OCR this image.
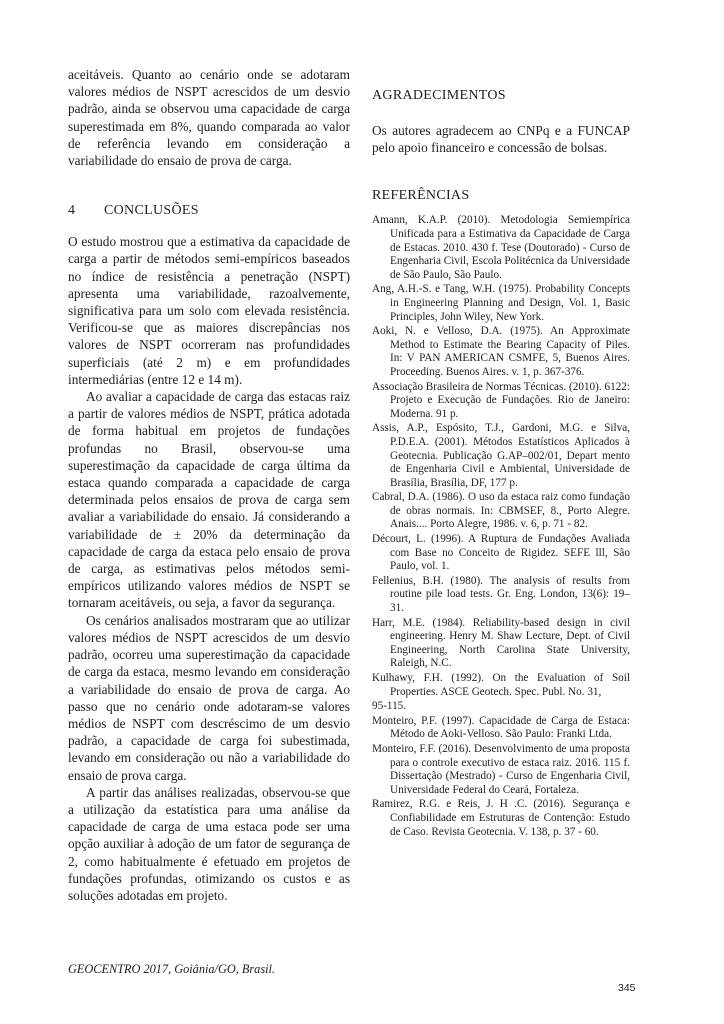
aceitáveis. Quanto ao cenário onde se adotaram valores médios de NSPT acrescidos de um desvio padrão, ainda se observou uma capacidade de carga superestimada em 8%, quando comparada ao valor de referência levando em consideração a variabilidade do ensaio de prova de carga.

4 CONCLUSÕES

O estudo mostrou que a estimativa da capacidade de carga a partir de métodos semi-empíricos baseados no índice de resistência a penetração (NSPT) apresenta uma variabilidade, razoalvemente, significativa para um solo com elevada resistência. Verificou-se que as maiores discrepâncias nos valores de NSPT ocorreram nas profundidades superficiais (até 2 m) e em profundidades intermediárias (entre 12 e 14 m).

Ao avaliar a capacidade de carga das estacas raiz a partir de valores médios de NSPT, prática adotada de forma habitual em projetos de fundações profundas no Brasil, observou-se uma superestimação da capacidade de carga última da estaca quando comparada a capacidade de carga determinada pelos ensaios de prova de carga sem avaliar a variabilidade do ensaio. Já considerando a variabilidade de ± 20% da determinação da capacidade de carga da estaca pelo ensaio de prova de carga, as estimativas pelos métodos semi-empíricos utilizando valores médios de NSPT se tornaram aceitáveis, ou seja, a favor da segurança.

Os cenários analisados mostraram que ao utilizar valores médios de NSPT acrescidos de um desvio padrão, ocorreu uma superestimação da capacidade de carga da estaca, mesmo levando em consideração a variabilidade do ensaio de prova de carga. Ao passo que no cenário onde adotaram-se valores médios de NSPT com descréscimo de um desvio padrão, a capacidade de carga foi subestimada, levando em consideração ou não a variabilidade do ensaio de prova carga.

A partir das análises realizadas, observou-se que a utilização da estatística para uma análise da capacidade de carga de uma estaca pode ser uma opção auxiliar à adoção de um fator de segurança de 2, como habitualmente é efetuado em projetos de fundações profundas, otimizando os custos e as soluções adotadas em projeto.

AGRADECIMENTOS

Os autores agradecem ao CNPq e a FUNCAP pelo apoio financeiro e concessão de bolsas.

REFERÊNCIAS
Amann, K.A.P. (2010). Metodologia Semiempírica Unificada para a Estimativa da Capacidade de Carga de Estacas. 2010. 430 f. Tese (Doutorado) - Curso de Engenharia Civil, Escola Politécnica da Universidade de São Paulo, São Paulo.
Ang, A.H.-S. e Tang, W.H. (1975). Probability Concepts in Engineering Planning and Design, Vol. 1, Basic Principles, John Wiley, New York.
Aoki, N. e Velloso, D.A. (1975). An Approximate Method to Estimate the Bearing Capacity of Piles. In: V PAN AMERICAN CSMFE, 5, Buenos Aires. Proceeding. Buenos Aires. v. 1, p. 367-376.
Associação Brasileira de Normas Técnicas. (2010). 6122: Projeto e Execução de Fundações. Rio de Janeiro: Moderna. 91 p.
Assis, A.P., Espósito, T.J., Gardoni, M.G. e Silva, P.D.E.A. (2001). Métodos Estatísticos Aplicados à Geotecnia. Publicação G.AP–002/01, Depart mento de Engenharia Civil e Ambiental, Universidade de Brasília, Brasília, DF, 177 p.
Cabral, D.A. (1986). O uso da estaca raiz como fundação de obras normais. In: CBMSEF, 8., Porto Alegre. Anais.... Porto Alegre, 1986. v. 6, p. 71 - 82.
Décourt, L. (1996). A Ruptura de Fundações Avaliada com Base no Conceito de Rigidez. SEFE lll, São Paulo, vol. 1.
Fellenius, B.H. (1980). The analysis of results from routine pile load tests. Gr. Eng. London, 13(6): 19–31.
Harr, M.E. (1984). Reliability-based design in civil engineering. Henry M. Shaw Lecture, Dept. of Civil Engineering, North Carolina State University, Raleigh, N.C.
Kulhawy, F.H. (1992). On the Evaluation of Soil Properties. ASCE Geotech. Spec. Publ. No. 31,
95-115.
Monteiro, P.F. (1997). Capacidade de Carga de Estaca: Método de Aoki-Velloso. São Paulo: Franki Ltda.
Monteiro, F.F. (2016). Desenvolvimento de uma proposta para o controle executivo de estaca raiz. 2016. 115 f. Dissertação (Mestrado) - Curso de Engenharia Civil, Universidade Federal do Ceará, Fortaleza.
Ramirez, R.G. e Reis, J. H .C. (2016). Segurança e Confiabilidade em Estruturas de Contenção: Estudo de Caso. Revista Geotecnia. V. 138, p. 37 - 60.
GEOCENTRO 2017, Goiânia/GO, Brasil.
345
